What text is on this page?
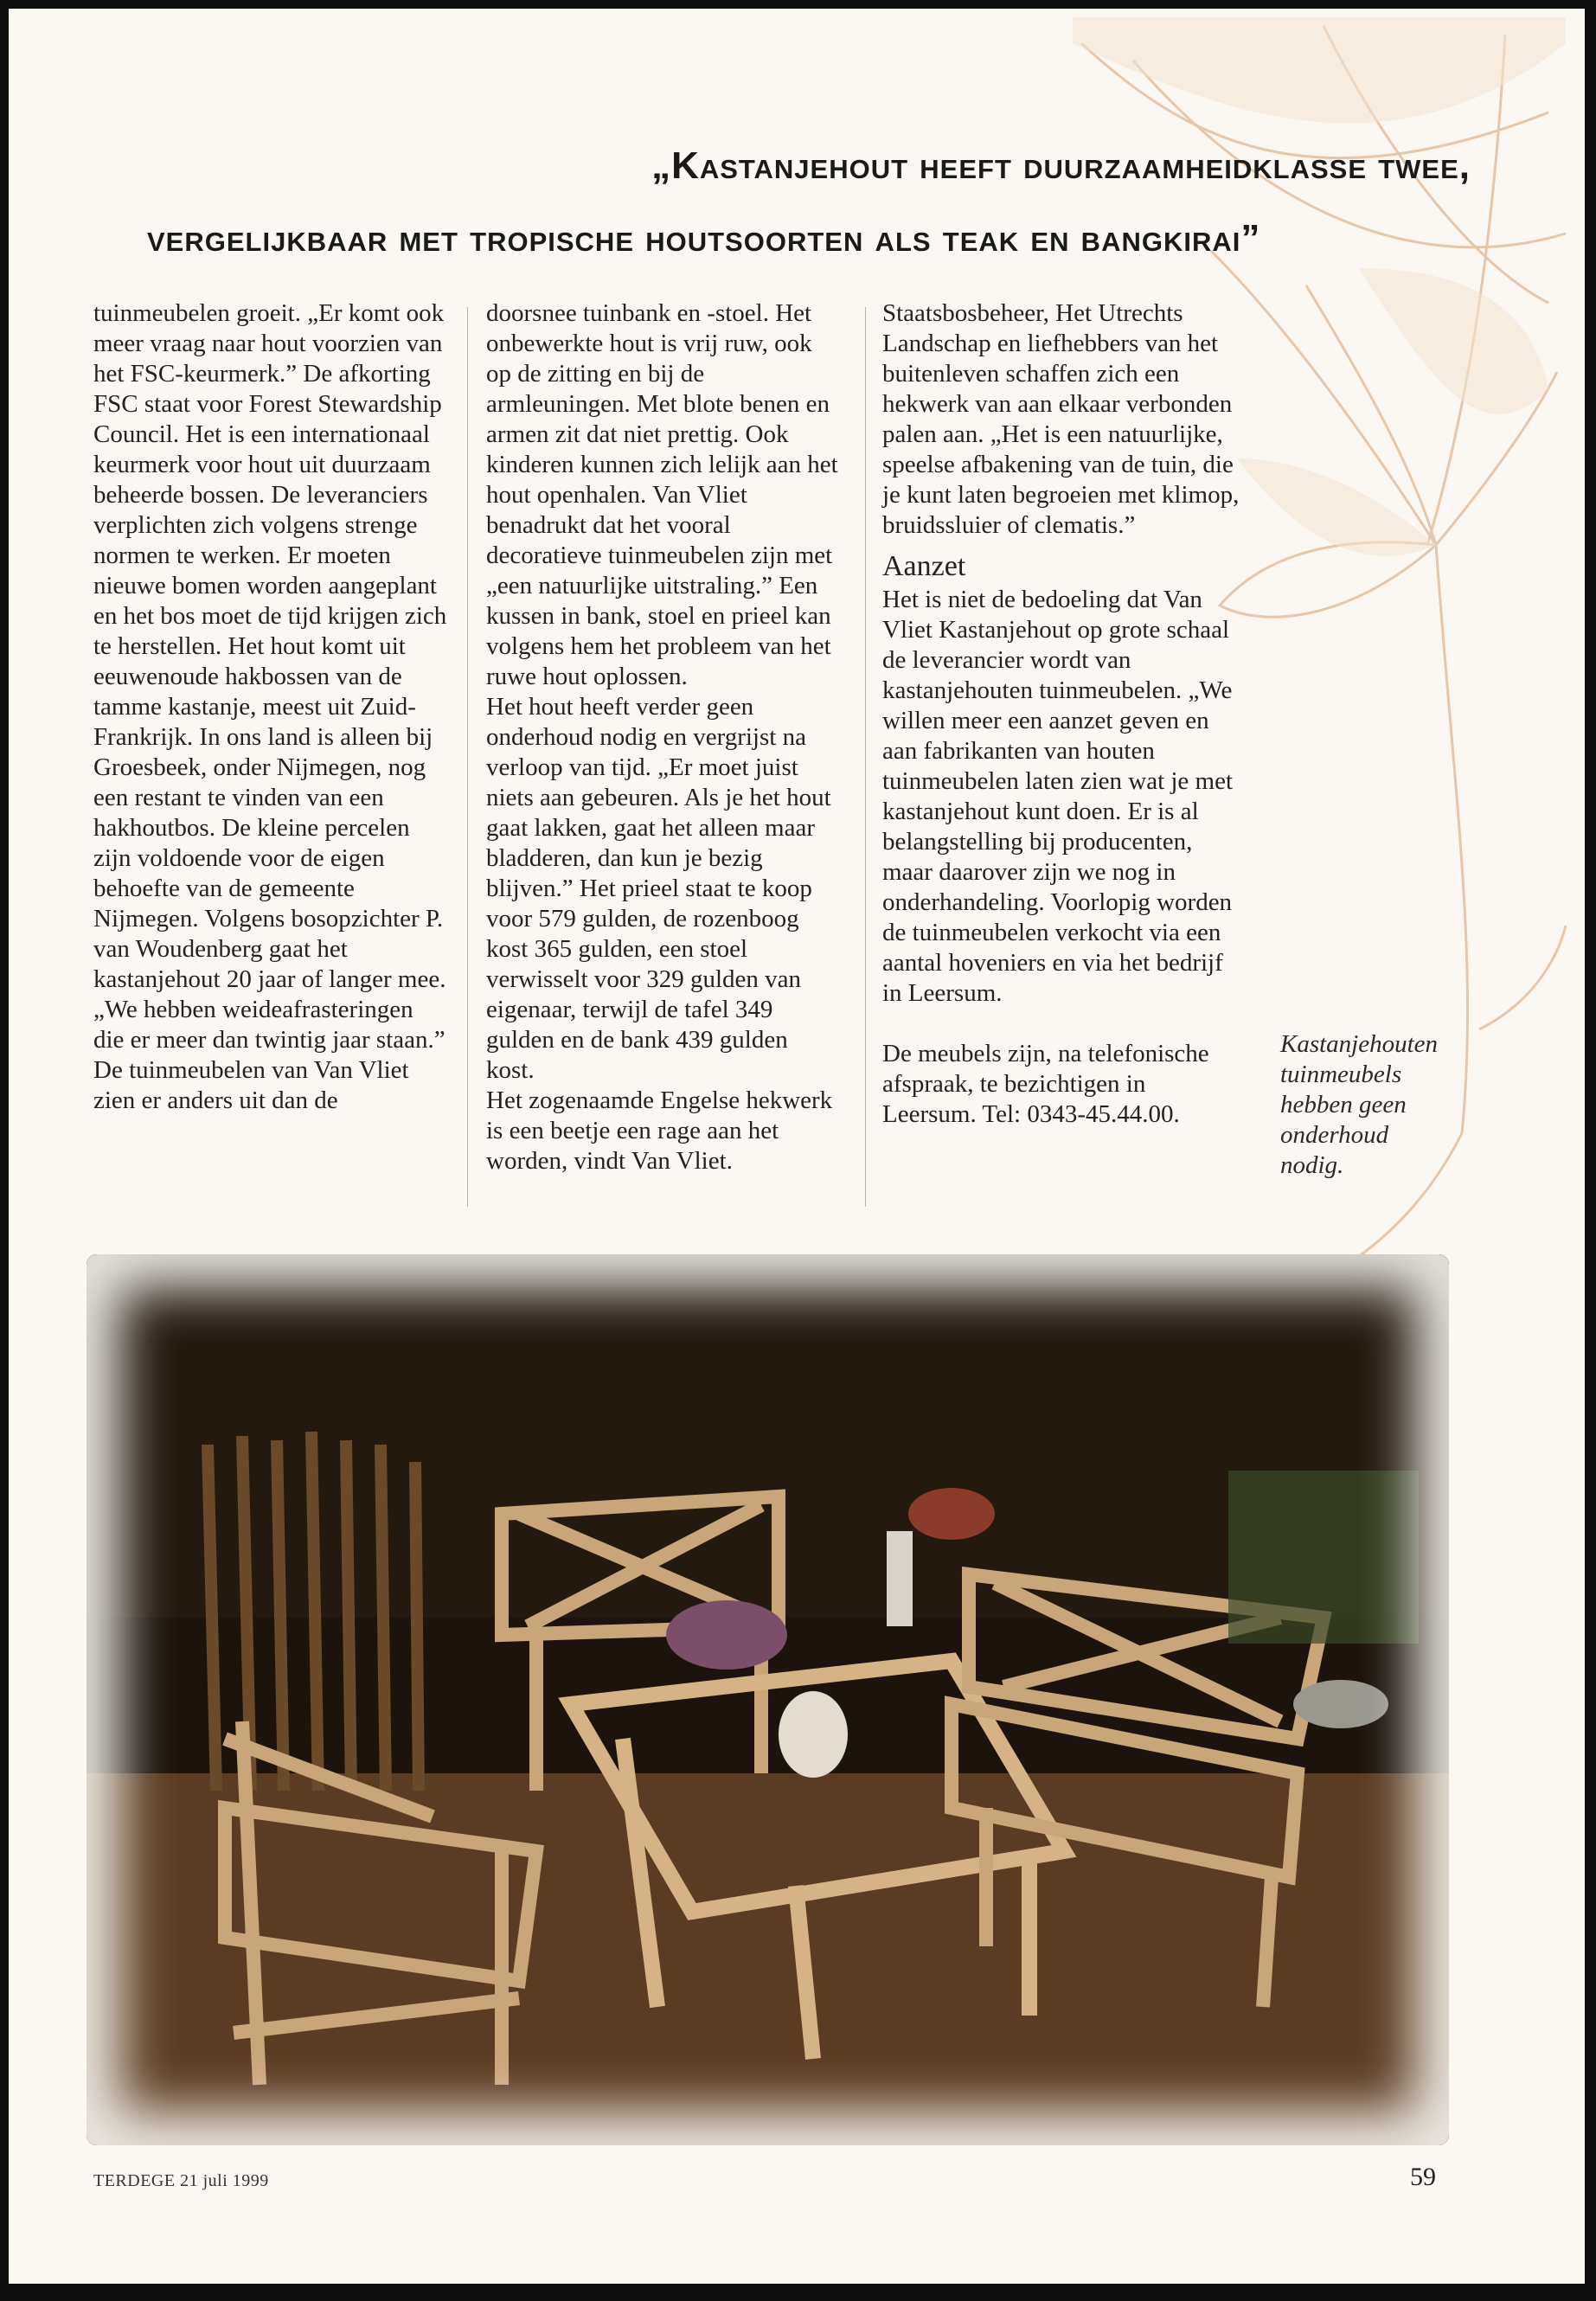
„Kastanjehout heeft duurzaamheidklasse twee,
vergelijkbaar met tropische houtsoorten als teak en bangkirai”

tuinmeubelen groeit. „Er komt ook meer vraag naar hout voorzien van het FSC-keurmerk.” De afkorting FSC staat voor Forest Stewardship Council. Het is een internationaal keurmerk voor hout uit duurzaam beheerde bossen. De leveranciers verplichten zich volgens strenge normen te werken. Er moeten nieuwe bomen worden aangeplant en het bos moet de tijd krijgen zich te herstellen. Het hout komt uit eeuwenoude hakbossen van de tamme kastanje, meest uit Zuid-Frankrijk. In ons land is alleen bij Groesbeek, onder Nijmegen, nog een restant te vinden van een hakhoutbos. De kleine percelen zijn voldoende voor de eigen behoefte van de gemeente Nijmegen. Volgens bosopzichter P. van Woudenberg gaat het kastanjehout 20 jaar of langer mee. „We hebben weideafrasteringen die er meer dan twintig jaar staan.”

De tuinmeubelen van Van Vliet zien er anders uit dan de

doorsnee tuinbank en -stoel. Het onbewerkte hout is vrij ruw, ook op de zitting en bij de armleuningen. Met blote benen en armen zit dat niet prettig. Ook kinderen kunnen zich lelijk aan het hout openhalen. Van Vliet benadrukt dat het vooral decoratieve tuinmeubelen zijn met „een natuurlijke uitstraling.” Een kussen in bank, stoel en prieel kan volgens hem het probleem van het ruwe hout oplossen.

Het hout heeft verder geen onderhoud nodig en vergrijst na verloop van tijd. „Er moet juist niets aan gebeuren. Als je het hout gaat lakken, gaat het alleen maar bladderen, dan kun je bezig blijven.” Het prieel staat te koop voor 579 gulden, de rozenboog kost 365 gulden, een stoel verwisselt voor 329 gulden van eigenaar, terwijl de tafel 349 gulden en de bank 439 gulden kost.

Het zogenaamde Engelse hekwerk is een beetje een rage aan het worden, vindt Van Vliet.

Staatsbosbeheer, Het Utrechts Landschap en liefhebbers van het buitenleven schaffen zich een hekwerk van aan elkaar verbonden palen aan. „Het is een natuurlijke, speelse afbakening van de tuin, die je kunt laten begroeien met klimop, bruidssluier of clematis.”

Aanzet

Het is niet de bedoeling dat Van Vliet Kastanjehout op grote schaal de leverancier wordt van kastanjehouten tuinmeubelen. „We willen meer een aanzet geven en aan fabrikanten van houten tuinmeubelen laten zien wat je met kastanjehout kunt doen. Er is al belangstelling bij producenten, maar daarover zijn we nog in onderhandeling. Voorlopig worden de tuinmeubelen verkocht via een aantal hoveniers en via het bedrijf in Leersum.

De meubels zijn, na telefonische afspraak, te bezichtigen in Leersum. Tel: 0343-45.44.00.

Kastanjehouten tuinmeubels hebben geen onderhoud nodig.
TERDEGE 21 juli 1999	59
